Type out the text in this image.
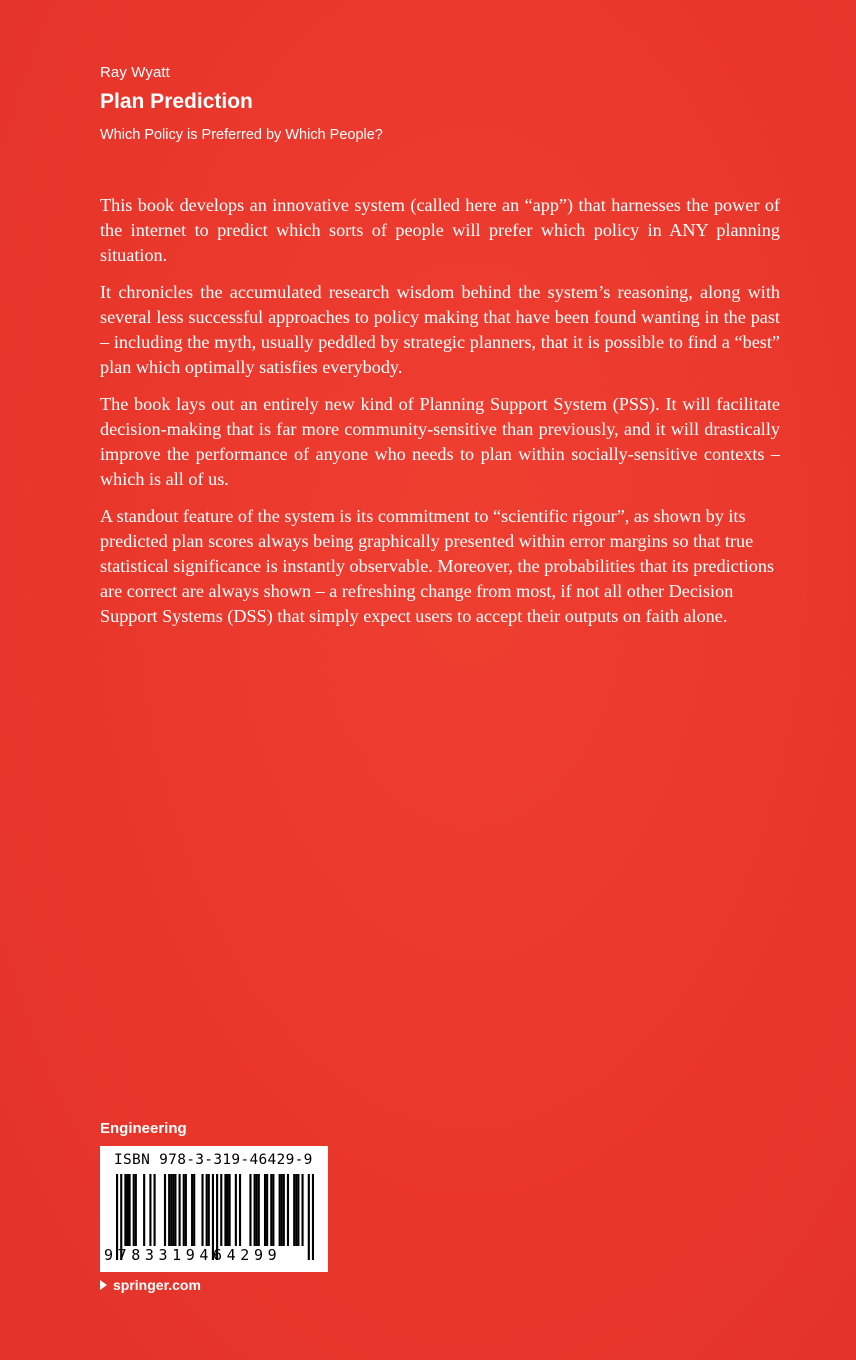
Ray Wyatt
Plan Prediction
Which Policy is Preferred by Which People?

This book develops an innovative system (called here an “app”) that harnesses the power of the internet to predict which sorts of people will prefer which policy in ANY planning situation.

It chronicles the accumulated research wisdom behind the system’s reasoning, along with several less successful approaches to policy making that have been found wanting in the past – including the myth, usually peddled by strategic planners, that it is possible to find a “best” plan which optimally satisfies everybody.

The book lays out an entirely new kind of Planning Support System (PSS). It will facilitate decision-making that is far more community-sensitive than previously, and it will drastically improve the performance of anyone who needs to plan within socially-sensitive contexts – which is all of us.

A standout feature of the system is its commitment to “scientific rigour”, as shown by its predicted plan scores always being graphically presented within error margins so that true statistical significance is instantly observable. Moreover, the probabilities that its predictions are correct are always shown – a refreshing change from most, if not all other Decision Support Systems (DSS) that simply expect users to accept their outputs on faith alone.

Engineering
ISBN 978-3-319-46429-9
9783319464299
springer.com
